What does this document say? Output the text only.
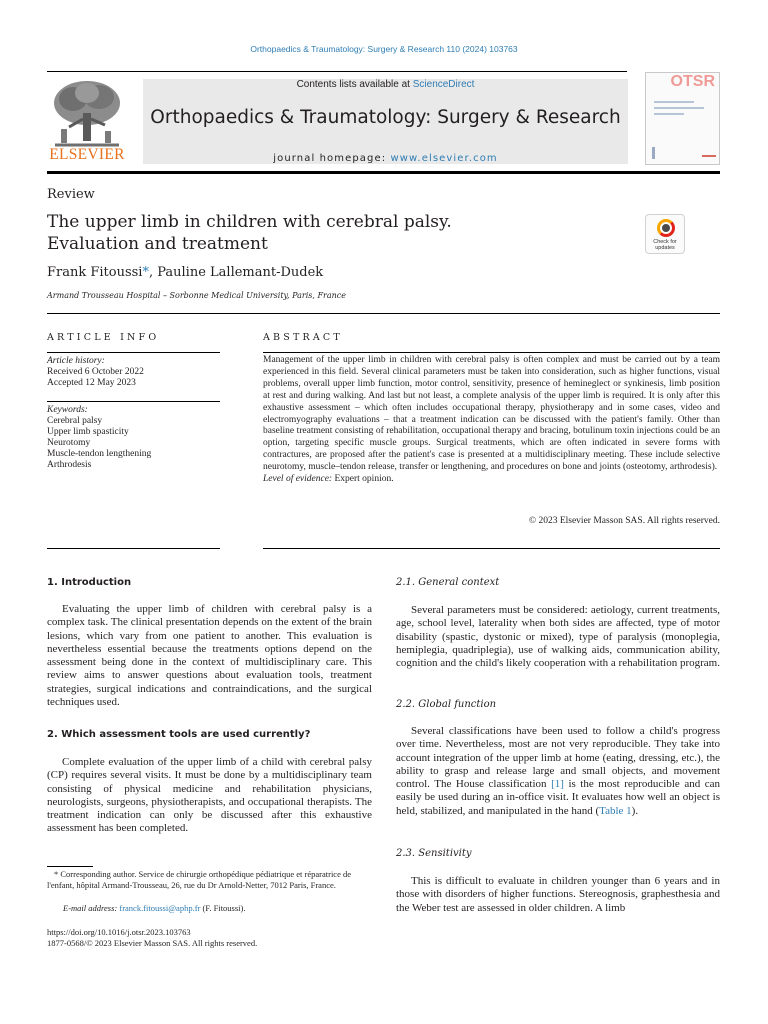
Orthopaedics & Traumatology: Surgery & Research 110 (2024) 103763
ELSEVIER
Contents lists available at ScienceDirect
Orthopaedics & Traumatology: Surgery & Research
journal homepage: www.elsevier.com
OTSR
Review
The upper limb in children with cerebral palsy.
Evaluation and treatment	Check for updates
Frank Fitoussi*, Pauline Lallemant-Dudek
Armand Trousseau Hospital – Sorbonne Medical University, Paris, France
ARTICLE INFO
Article history:
Received 6 October 2022
Accepted 12 May 2023
Keywords:
Cerebral palsy
Upper limb spasticity
Neurotomy
Muscle-tendon lengthening
Arthrodesis
ABSTRACT
Management of the upper limb in children with cerebral palsy is often complex and must be carried out by a team experienced in this field. Several clinical parameters must be taken into consideration, such as higher functions, visual problems, overall upper limb function, motor control, sensitivity, presence of hemineglect or synkinesis, limb position at rest and during walking. And last but not least, a complete analysis of the upper limb is required. It is only after this exhaustive assessment – which often includes occupational therapy, physiotherapy and in some cases, video and electromyography evaluations – that a treatment indication can be discussed with the patient's family. Other than baseline treatment consisting of rehabilitation, occupational therapy and bracing, botulinum toxin injections could be an option, targeting specific muscle groups. Surgical treatments, which are often indicated in severe forms with contractures, are proposed after the patient's case is presented at a multidisciplinary meeting. These include selective neurotomy, muscle–tendon release, transfer or lengthening, and procedures on bone and joints (osteotomy, arthrodesis).
Level of evidence: Expert opinion.
© 2023 Elsevier Masson SAS. All rights reserved.
1. Introduction

Evaluating the upper limb of children with cerebral palsy is a complex task. The clinical presentation depends on the extent of the brain lesions, which vary from one patient to another. This evaluation is nevertheless essential because the treatments options depend on the assessment being done in the context of multidisciplinary care. This review aims to answer questions about evaluation tools, treatment strategies, surgical indications and contraindications, and the surgical techniques used.

2. Which assessment tools are used currently?

Complete evaluation of the upper limb of a child with cerebral palsy (CP) requires several visits. It must be done by a multidisciplinary team consisting of physical medicine and rehabilitation physicians, neurologists, surgeons, physiotherapists, and occupational therapists. The treatment indication can only be discussed after this exhaustive assessment has been completed.

* Corresponding author. Service de chirurgie orthopédique pédiatrique et réparatrice de l'enfant, hôpital Armand-Trousseau, 26, rue du Dr Arnold-Netter, 7012 Paris, France.
E-mail address: franck.fitoussi@aphp.fr (F. Fitoussi).
https://doi.org/10.1016/j.otsr.2023.103763
1877-0568/© 2023 Elsevier Masson SAS. All rights reserved.
2.1. General context

Several parameters must be considered: aetiology, current treatments, age, school level, laterality when both sides are affected, type of motor disability (spastic, dystonic or mixed), type of paralysis (monoplegia, hemiplegia, quadriplegia), use of walking aids, communication ability, cognition and the child's likely cooperation with a rehabilitation program.

2.2. Global function

Several classifications have been used to follow a child's progress over time. Nevertheless, most are not very reproducible. They take into account integration of the upper limb at home (eating, dressing, etc.), the ability to grasp and release large and small objects, and movement control. The House classification [1] is the most reproducible and can easily be used during an in-office visit. It evaluates how well an object is held, stabilized, and manipulated in the hand (Table 1).

2.3. Sensitivity

This is difficult to evaluate in children younger than 6 years and in those with disorders of higher functions. Stereognosis, graphesthesia and the Weber test are assessed in older children. A limb
